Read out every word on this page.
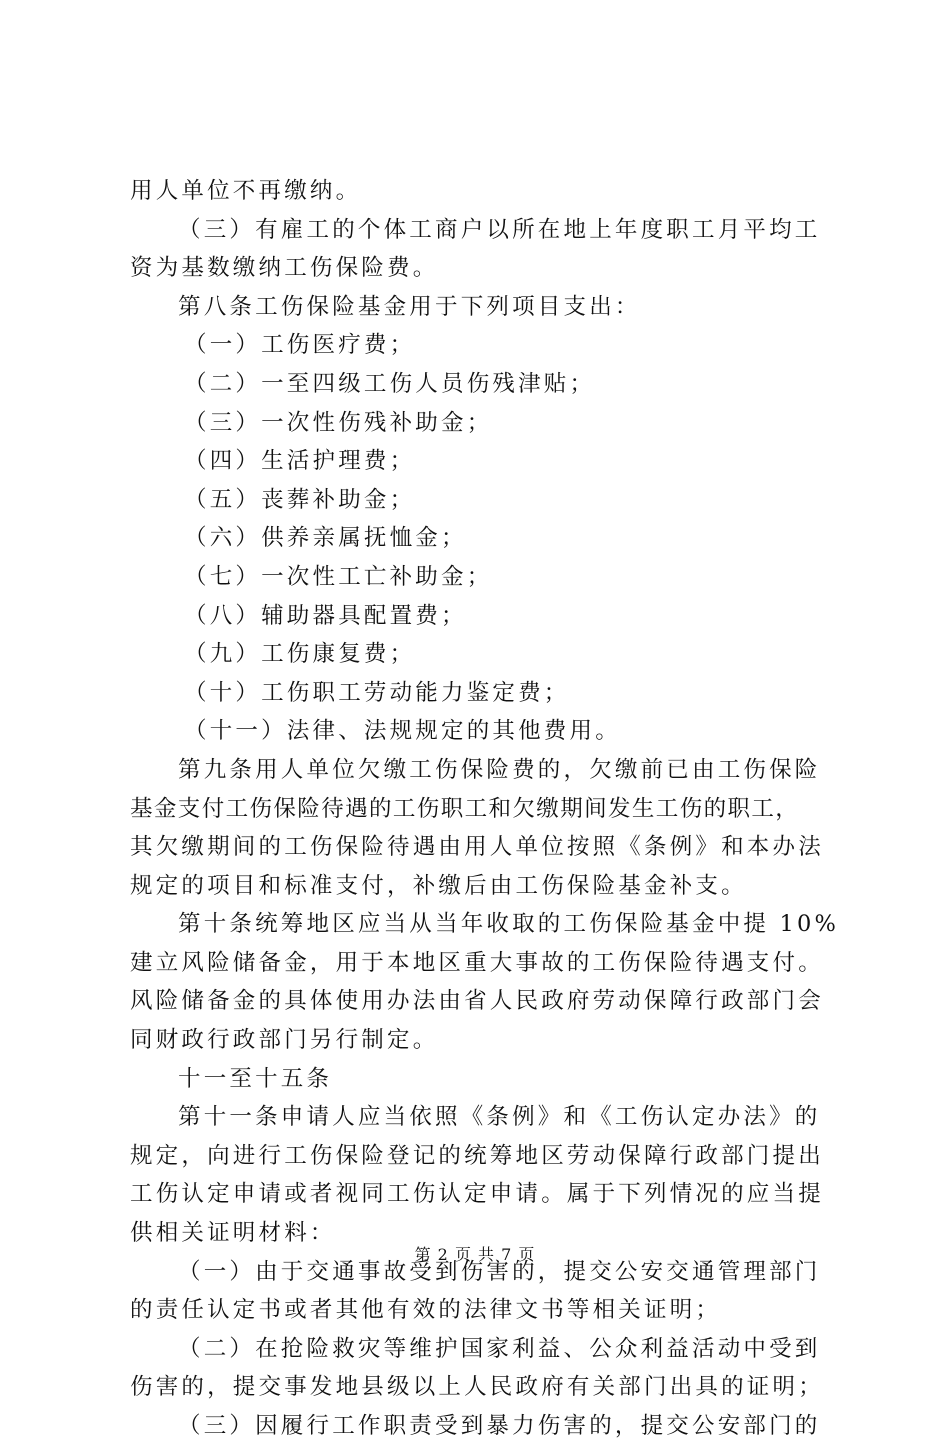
用人单位不再缴纳。
（三）有雇工的个体工商户以所在地上年度职工月平均工
资为基数缴纳工伤保险费。
第八条工伤保险基金用于下列项目支出：
（一）工伤医疗费；
（二）一至四级工伤人员伤残津贴；
（三）一次性伤残补助金；
（四）生活护理费；
（五）丧葬补助金；
（六）供养亲属抚恤金；
（七）一次性工亡补助金；
（八）辅助器具配置费；
（九）工伤康复费；
（十）工伤职工劳动能力鉴定费；
（十一）法律、法规规定的其他费用。
第九条用人单位欠缴工伤保险费的，欠缴前已由工伤保险
基金支付工伤保险待遇的工伤职工和欠缴期间发生工伤的职工，
其欠缴期间的工伤保险待遇由用人单位按照《条例》和本办法
规定的项目和标准支付，补缴后由工伤保险基金补支。
第十条统筹地区应当从当年收取的工伤保险基金中提 10%
建立风险储备金，用于本地区重大事故的工伤保险待遇支付。
风险储备金的具体使用办法由省人民政府劳动保障行政部门会
同财政行政部门另行制定。
十一至十五条
第十一条申请人应当依照《条例》和《工伤认定办法》的
规定，向进行工伤保险登记的统筹地区劳动保障行政部门提出
工伤认定申请或者视同工伤认定申请。属于下列情况的应当提
供相关证明材料：
（一）由于交通事故受到伤害的，提交公安交通管理部门
的责任认定书或者其他有效的法律文书等相关证明；
（二）在抢险救灾等维护国家利益、公众利益活动中受到
伤害的，提交事发地县级以上人民政府有关部门出具的证明；
（三）因履行工作职责受到暴力伤害的，提交公安部门的
第 2 页 共 7 页
